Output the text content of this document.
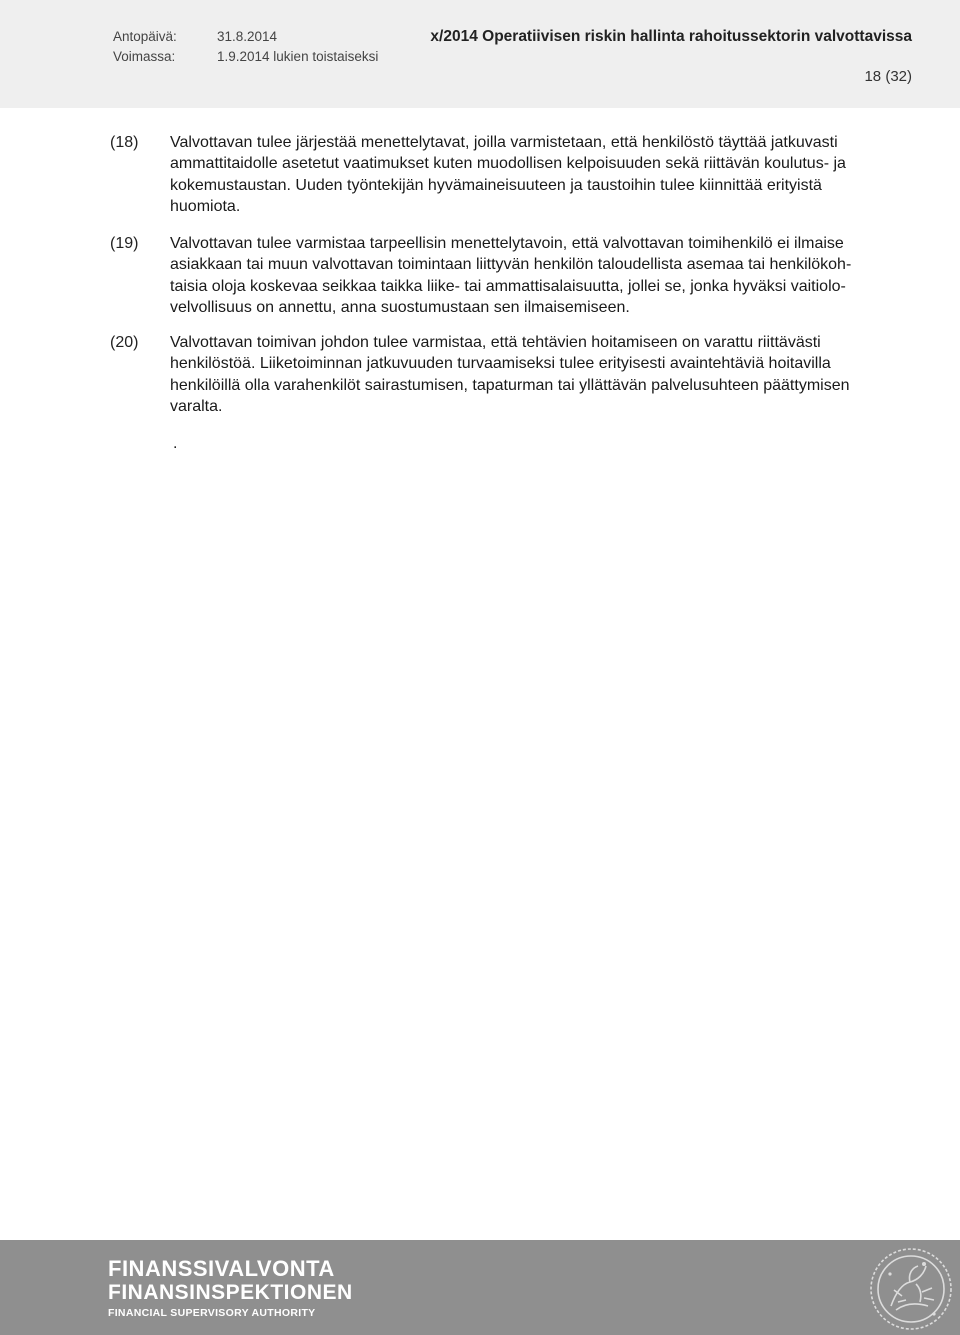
Antopäivä:	31.8.2014
Voimassa:	1.9.2014 lukien toistaiseksi
x/2014 Operatiivisen riskin hallinta rahoitussektorin valvottavissa
18 (32)
(18) Valvottavan tulee järjestää menettelytavat, joilla varmistetaan, että henkilöstö täyttää jatkuvasti
ammattitaidolle asetetut vaatimukset kuten muodollisen kelpoisuuden sekä riittävän koulutus- ja
kokemustaustan. Uuden työntekijän hyvämaineisuuteen ja taustoihin tulee kiinnittää erityistä
huomiota.
(19) Valvottavan tulee varmistaa tarpeellisin menettelytavoin, että valvottavan toimihenkilö ei ilmaise
asiakkaan tai muun valvottavan toimintaan liittyvän henkilön taloudellista asemaa tai henkilökoh-
taisia oloja koskevaa seikkaa taikka liike- tai ammattisalaisuutta, jollei se, jonka hyväksi vaitiolo-
velvollisuus on annettu, anna suostumustaan sen ilmaisemiseen.
(20) Valvottavan toimivan johdon tulee varmistaa, että tehtävien hoitamiseen on varattu riittävästi
henkilöstöä. Liiketoiminnan jatkuvuuden turvaamiseksi tulee erityisesti avaintehtäviä hoitavilla
henkilöillä olla varahenkilöt sairastumisen, tapaturman tai yllättävän palvelusuhteen päättymisen
varalta.
.
FINANSSIVALVONTA
FINANSINSPEKTIONEN
FINANCIAL SUPERVISORY AUTHORITY
